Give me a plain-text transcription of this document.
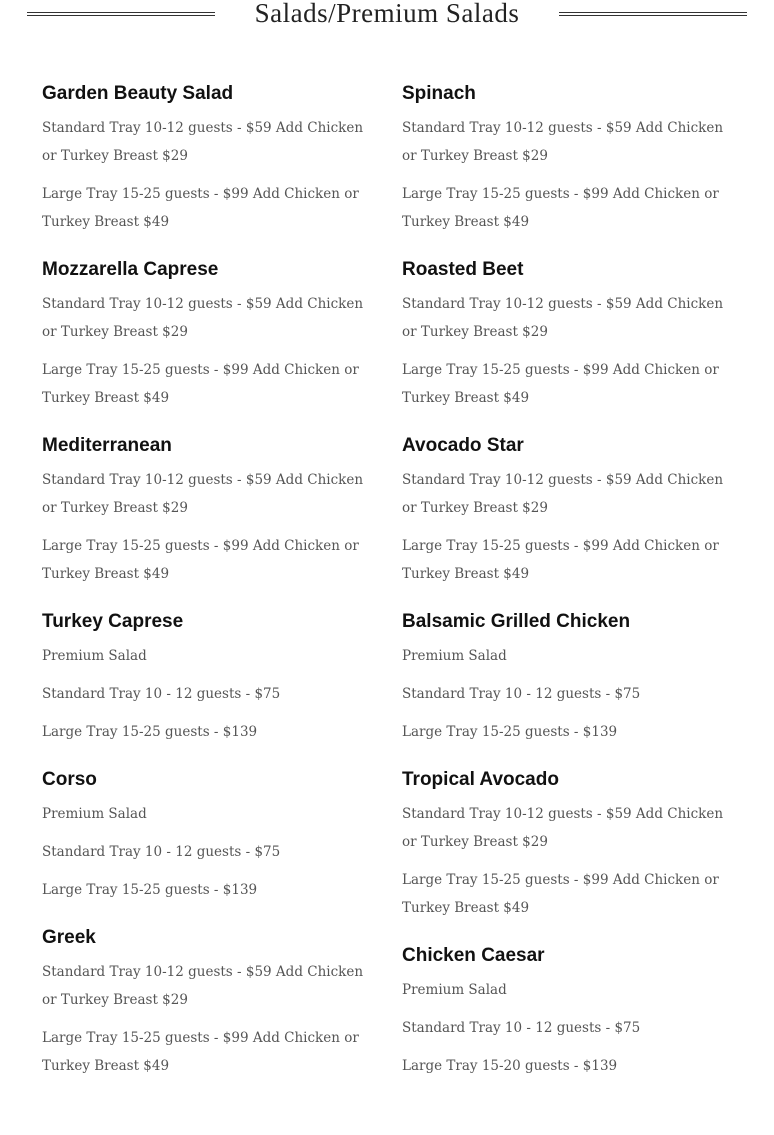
Salads/Premium Salads
Garden Beauty Salad

Standard Tray 10-12 guests - $59 Add Chicken or Turkey Breast $29

Large Tray 15-25 guests - $99 Add Chicken or Turkey Breast $49

Mozzarella Caprese

Standard Tray 10-12 guests - $59 Add Chicken or Turkey Breast $29

Large Tray 15-25 guests - $99 Add Chicken or Turkey Breast $49

Mediterranean

Standard Tray 10-12 guests - $59 Add Chicken or Turkey Breast $29

Large Tray 15-25 guests - $99 Add Chicken or Turkey Breast $49

Turkey Caprese

Premium Salad

Standard Tray 10 - 12 guests - $75

Large Tray 15-25 guests - $139

Corso

Premium Salad

Standard Tray 10 - 12 guests - $75

Large Tray 15-25 guests - $139

Greek

Standard Tray 10-12 guests - $59 Add Chicken or Turkey Breast $29

Large Tray 15-25 guests - $99 Add Chicken or Turkey Breast $49

Spinach

Standard Tray 10-12 guests - $59 Add Chicken or Turkey Breast $29

Large Tray 15-25 guests - $99 Add Chicken or Turkey Breast $49

Roasted Beet

Standard Tray 10-12 guests - $59 Add Chicken or Turkey Breast $29

Large Tray 15-25 guests - $99 Add Chicken or Turkey Breast $49

Avocado Star

Standard Tray 10-12 guests - $59 Add Chicken or Turkey Breast $29

Large Tray 15-25 guests - $99 Add Chicken or Turkey Breast $49

Balsamic Grilled Chicken

Premium Salad

Standard Tray 10 - 12 guests - $75

Large Tray 15-25 guests - $139

Tropical Avocado

Standard Tray 10-12 guests - $59 Add Chicken or Turkey Breast $29

Large Tray 15-25 guests - $99 Add Chicken or Turkey Breast $49

Chicken Caesar

Premium Salad

Standard Tray 10 - 12 guests - $75

Large Tray 15-20 guests - $139
